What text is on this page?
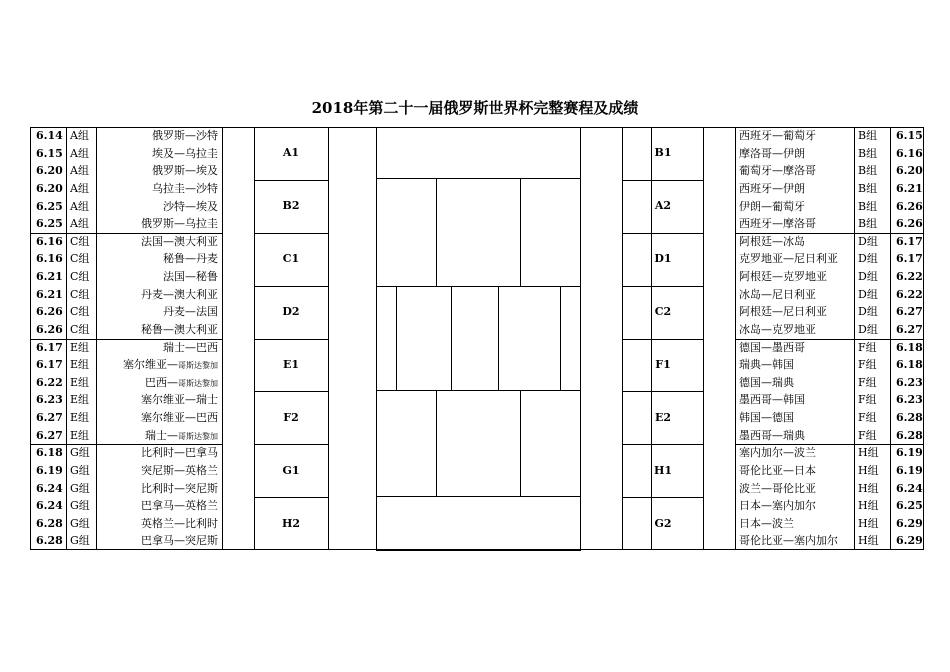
2018年第二十一届俄罗斯世界杯完整赛程及成绩
6.14 A组	俄罗斯—沙特
6.15 A组	埃及—乌拉圭
6.20 A组	俄罗斯—埃及
6.20 A组	乌拉圭—沙特
6.25 A组	沙特—埃及
6.25 A组	俄罗斯—乌拉圭
A1
B2
6.16 C组	法国—澳大利亚
6.16 C组	秘鲁—丹麦
6.21 C组	法国—秘鲁
6.21 C组	丹麦—澳大利亚
6.26 C组	丹麦—法国
6.26 C组	秘鲁—澳大利亚
C1
D2
6.17 E组	瑞士—巴西
6.17 E组	塞尔维亚—哥斯达黎加
6.22 E组	巴西—哥斯达黎加
6.23 E组	塞尔维亚—瑞士
6.27 E组	塞尔维亚—巴西
6.27 E组	瑞士—哥斯达黎加
E1
F2
6.18 G组	比利时—巴拿马
6.19 G组	突尼斯—英格兰
6.24 G组	比利时—突尼斯
6.24 G组	巴拿马—英格兰
6.28 G组	英格兰—比利时
6.28 G组	巴拿马—突尼斯
G1
H2
西班牙—葡萄牙	B组 6.15
摩洛哥—伊朗	B组 6.16
葡萄牙—摩洛哥	B组 6.20
西班牙—伊朗	B组 6.21
伊朗—葡萄牙	B组 6.26
西班牙—摩洛哥	B组 6.26
B1
A2
阿根廷—冰岛	D组 6.17
克罗地亚—尼日利亚 D组 6.17
阿根廷—克罗地亚	D组 6.22
冰岛—尼日利亚	D组 6.22
阿根廷—尼日利亚	D组 6.27
冰岛—克罗地亚	D组 6.27
D1
C2
德国—墨西哥	F组 6.18
瑞典—韩国	F组 6.18
德国—瑞典	F组 6.23
墨西哥—韩国	F组 6.23
韩国—德国	F组 6.28
墨西哥—瑞典	F组 6.28
F1
E2
塞内加尔—波兰	H组 6.19
哥伦比亚—日本	H组 6.19
波兰—哥伦比亚	H组 6.24
日本—塞内加尔	H组 6.25
日本—波兰	H组 6.29
哥伦比亚—塞内加尔 H组 6.29
H1
G2
